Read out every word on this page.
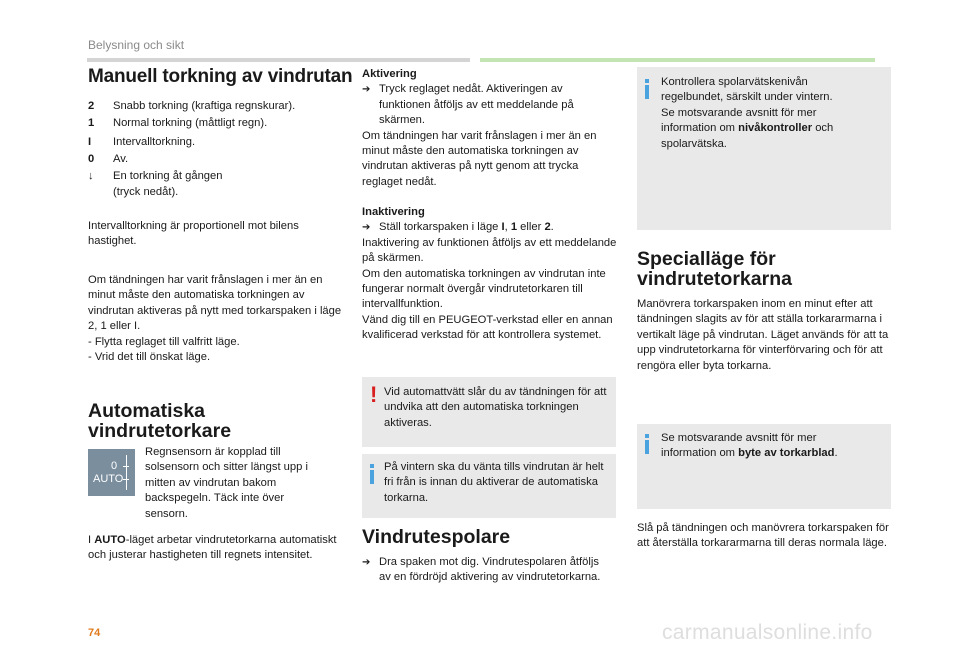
Belysning och sikt
Manuell torkning av vindrutan
2	Snabb torkning (kraftiga regnskurar).
1	Normal torkning (måttligt regn).
I	Intervalltorkning.
0	Av.
↓	En torkning åt gången
(tryck nedåt).
Intervalltorkning är proportionell mot bilens hastighet.
Om tändningen har varit frånslagen i mer än en minut måste den automatiska torkningen av vindrutan aktiveras på nytt med torkarspaken i läge 2, 1 eller I.
- Flytta reglaget till valfritt läge.
- Vrid det till önskat läge.
Automatiska
vindrutetorkare
0
AUTO
Regnsensorn är kopplad till solsensorn och sitter längst upp i mitten av vindrutan bakom backspegeln. Täck inte över sensorn.
I AUTO-läget arbetar vindrutetorkarna automatiskt och justerar hastigheten till regnets intensitet.
Aktivering
➔ Tryck reglaget nedåt. Aktiveringen av funktionen åtföljs av ett meddelande på skärmen.
Om tändningen har varit frånslagen i mer än en minut måste den automatiska torkningen av vindrutan aktiveras på nytt genom att trycka reglaget nedåt.
Inaktivering
➔ Ställ torkarspaken i läge I, 1 eller 2.
Inaktivering av funktionen åtföljs av ett meddelande på skärmen.
Om den automatiska torkningen av vindrutan inte fungerar normalt övergår vindrutetorkaren till intervallfunktion.
Vänd dig till en PEUGEOT-verkstad eller en annan kvalificerad verkstad för att kontrollera systemet.
! Vid automattvätt slår du av tändningen för att undvika att den automatiska torkningen aktiveras.
På vintern ska du vänta tills vindrutan är helt fri från is innan du aktiverar de automatiska torkarna.
Vindrutespolare
➔ Dra spaken mot dig. Vindrutespolaren åtföljs av en fördröjd aktivering av vindrutetorkarna.
Kontrollera spolarvätskenivån regelbundet, särskilt under vintern.
Se motsvarande avsnitt för mer information om nivåkontroller och spolarvätska.
Specialläge för
vindrutetorkarna
Manövrera torkarspaken inom en minut efter att tändningen slagits av för att ställa torkararmarna i vertikalt läge på vindrutan. Läget används för att ta upp vindrutetorkarna för vinterförvaring och för att rengöra eller byta torkarna.
Se motsvarande avsnitt för mer information om byte av torkarblad.
Slå på tändningen och manövrera torkarspaken för att återställa torkararmarna till deras normala läge.
74	carmanualsonline.info
